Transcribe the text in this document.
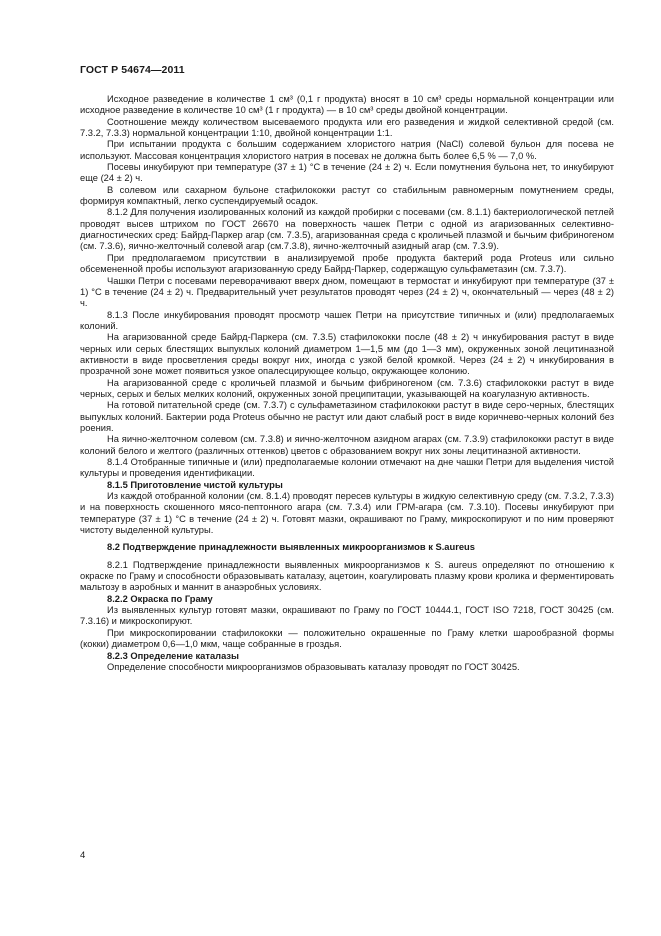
ГОСТ Р 54674—2011
Исходное разведение в количестве 1 см³ (0,1 г продукта) вносят в 10 см³ среды нормальной концентрации или исходное разведение в количестве 10 см³ (1 г продукта) — в 10 см³ среды двойной концентрации.
Соотношение между количеством высеваемого продукта или его разведения и жидкой селективной средой (см. 7.3.2, 7.3.3) нормальной концентрации 1:10, двойной концентрации 1:1.
При испытании продукта с большим содержанием хлористого натрия (NaCl) солевой бульон для посева не используют. Массовая концентрация хлористого натрия в посевах не должна быть более 6,5 % — 7,0 %.
Посевы инкубируют при температуре (37 ± 1) °С в течение (24 ± 2) ч. Если помутнения бульона нет, то инкубируют еще (24 ± 2) ч.
В солевом или сахарном бульоне стафилококки растут со стабильным равномерным помутнением среды, формируя компактный, легко суспендируемый осадок.
8.1.2 Для получения изолированных колоний из каждой пробирки с посевами (см. 8.1.1) бактериологической петлей проводят высев штрихом по ГОСТ 26670 на поверхность чашек Петри с одной из агаризованных селективно-диагностических сред: Байрд-Паркер агар (см. 7.3.5), агаризованная среда с кроличьей плазмой и бычьим фибриногеном (см. 7.3.6), яично-желточный солевой агар (см.7.3.8), яично-желточный азидный агар (см. 7.3.9).
При предполагаемом присутствии в анализируемой пробе продукта бактерий рода Proteus или сильно обсемененной пробы используют агаризованную среду Байрд-Паркер, содержащую сульфаметазин (см. 7.3.7).
Чашки Петри с посевами переворачивают вверх дном, помещают в термостат и инкубируют при температуре (37 ± 1) °С в течение (24 ± 2) ч. Предварительный учет результатов проводят через (24 ± 2) ч, окончательный — через (48 ± 2) ч.
8.1.3 После инкубирования проводят просмотр чашек Петри на присутствие типичных и (или) предполагаемых колоний.
На агаризованной среде Байрд-Паркера (см. 7.3.5) стафилококки после (48 ± 2) ч инкубирования растут в виде черных или серых блестящих выпуклых колоний диаметром 1—1,5 мм (до 1—3 мм), окруженных зоной лецитиназной активности в виде просветления среды вокруг них, иногда с узкой белой кромкой. Через (24 ± 2) ч инкубирования в прозрачной зоне может появиться узкое опалесцирующее кольцо, окружающее колонию.
На агаризованной среде с кроличьей плазмой и бычьим фибриногеном (см. 7.3.6) стафилококки растут в виде черных, серых и белых мелких колоний, окруженных зоной преципитации, указывающей на коагулазную активность.
На готовой питательной среде (см. 7.3.7) с сульфаметазином стафилококки растут в виде серо-черных, блестящих выпуклых колоний. Бактерии рода Proteus обычно не растут или дают слабый рост в виде коричнево-черных колоний без роения.
На яично-желточном солевом (см. 7.3.8) и яично-желточном азидном агарах (см. 7.3.9) стафилококки растут в виде колоний белого и желтого (различных оттенков) цветов с образованием вокруг них зоны лецитиназной активности.
8.1.4 Отобранные типичные и (или) предполагаемые колонии отмечают на дне чашки Петри для выделения чистой культуры и проведения идентификации.
8.1.5 Приготовление чистой культуры
Из каждой отобранной колонии (см. 8.1.4) проводят пересев культуры в жидкую селективную среду (см. 7.3.2, 7.3.3) и на поверхность скошенного мясо-пептонного агара (см. 7.3.4) или ГРМ-агара (см. 7.3.10). Посевы инкубируют при температуре (37 ± 1) °С в течение (24 ± 2) ч. Готовят мазки, окрашивают по Граму, микроскопируют и по ним проверяют чистоту выделенной культуры.
8.2 Подтверждение принадлежности выявленных микроорганизмов к S.aureus
8.2.1 Подтверждение принадлежности выявленных микроорганизмов к S. aureus определяют по отношению к окраске по Граму и способности образовывать каталазу, ацетоин, коагулировать плазму крови кролика и ферментировать мальтозу в аэробных и маннит в анаэробных условиях.
8.2.2 Окраска по Граму
Из выявленных культур готовят мазки, окрашивают по Граму по ГОСТ 10444.1, ГОСТ ISO 7218, ГОСТ 30425 (см. 7.3.16) и микроскопируют.
При микроскопировании стафилококки — положительно окрашенные по Граму клетки шарообразной формы (кокки) диаметром 0,6—1,0 мкм, чаще собранные в гроздья.
8.2.3 Определение каталазы
Определение способности микроорганизмов образовывать каталазу проводят по ГОСТ 30425.
4
